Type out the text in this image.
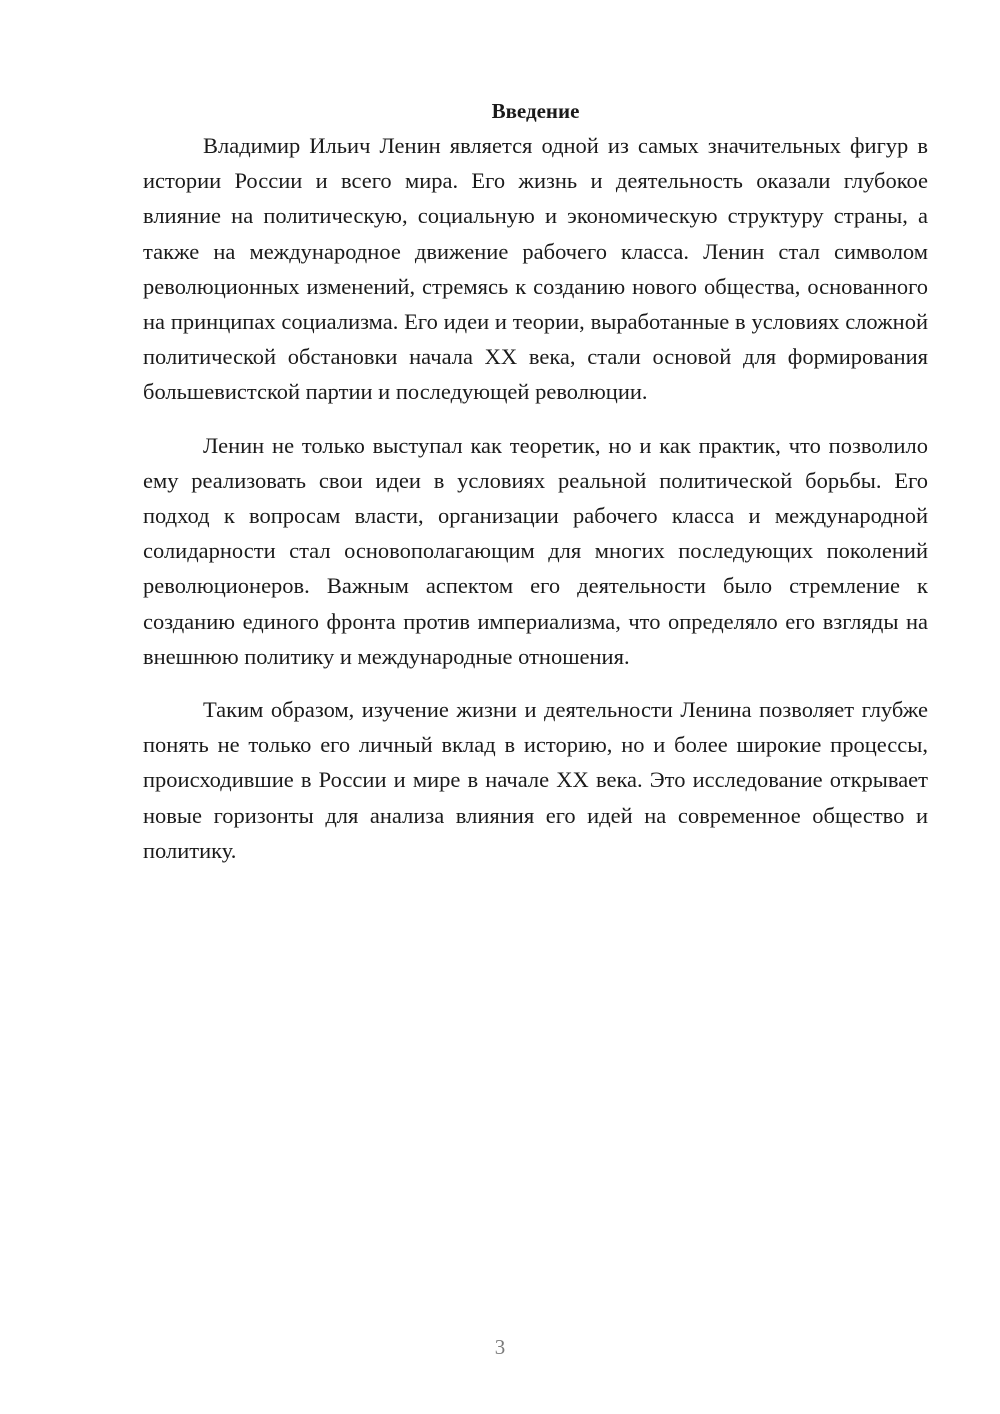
Введение

Владимир Ильич Ленин является одной из самых значительных фигур в истории России и всего мира. Его жизнь и деятельность оказали глубокое влияние на политическую, социальную и экономическую структуру страны, а также на международное движение рабочего класса. Ленин стал символом революционных изменений, стремясь к созданию нового общества, основанного на принципах социализма. Его идеи и теории, выработанные в условиях сложной политической обстановки начала XX века, стали основой для формирования большевистской партии и последующей революции.

Ленин не только выступал как теоретик, но и как практик, что позволило ему реализовать свои идеи в условиях реальной политической борьбы. Его подход к вопросам власти, организации рабочего класса и международной солидарности стал основополагающим для многих последующих поколений революционеров. Важным аспектом его деятельности было стремление к созданию единого фронта против империализма, что определяло его взгляды на внешнюю политику и международные отношения.

Таким образом, изучение жизни и деятельности Ленина позволяет глубже понять не только его личный вклад в историю, но и более широкие процессы, происходившие в России и мире в начале XX века. Это исследование открывает новые горизонты для анализа влияния его идей на современное общество и политику.

3
